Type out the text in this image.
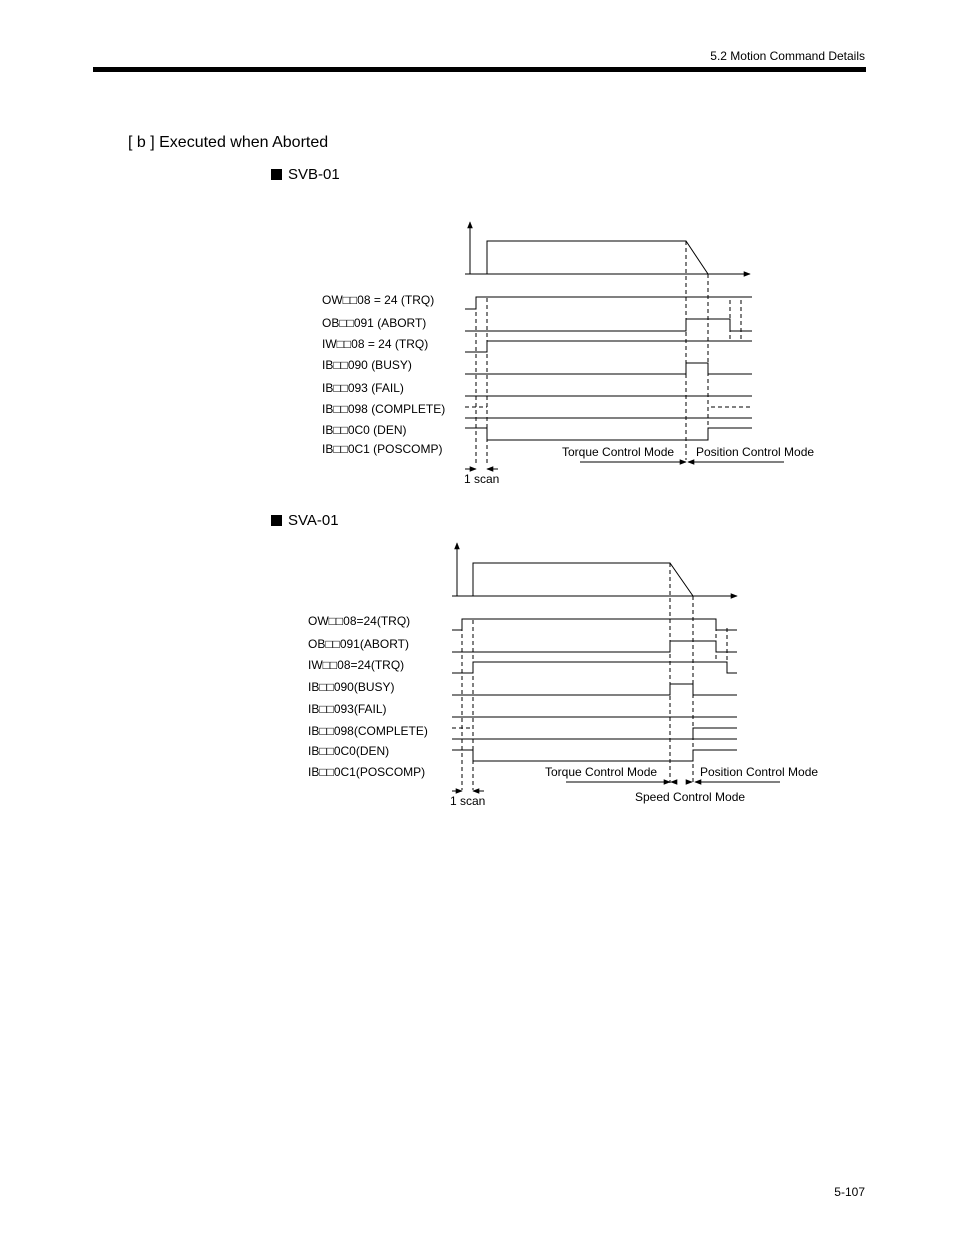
5.2 Motion Command Details
[ b ] Executed when Aborted
SVB-01
SVA-01
OW□□08 = 24 (TRQ)
OB□□091 (ABORT)
IW□□08 = 24 (TRQ)
IB□□090 (BUSY)
IB□□093 (FAIL)
IB□□098 (COMPLETE)
IB□□0C0 (DEN)
IB□□0C1 (POSCOMP)	Torque Control Mode Position Control Mode
1 scan
OW□□08=24(TRQ)
OB□□091(ABORT)
IW□□08=24(TRQ)
IB□□090(BUSY)
IB□□093(FAIL)
IB□□098(COMPLETE)
IB□□0C0(DEN)
IB□□0C1(POSCOMP)	Torque Control Mode	Position Control Mode
Speed Control Mode
1 scan
5-107
